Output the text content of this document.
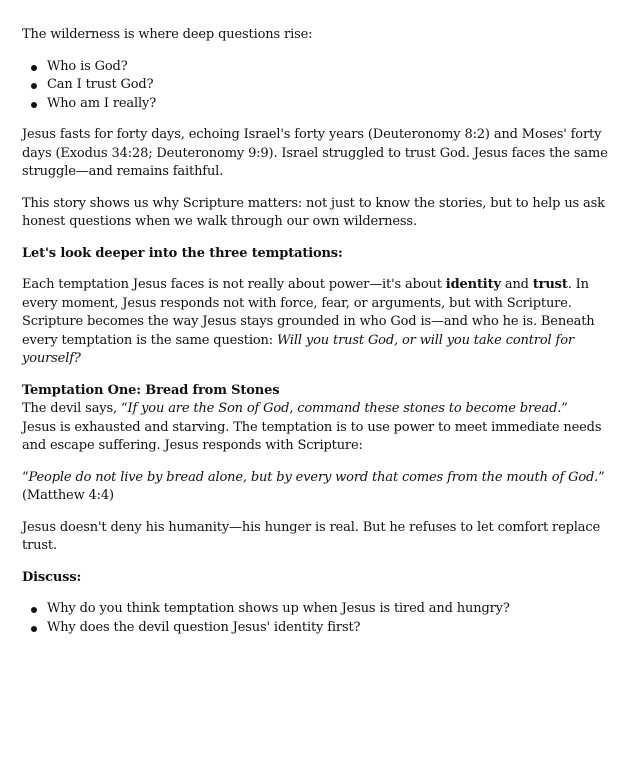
The wilderness is where deep questions rise:

Who is God?
Can I trust God?
Who am I really?

Jesus fasts for forty days, echoing Israel's forty years (Deuteronomy 8:2) and Moses' forty days (Exodus 34:28; Deuteronomy 9:9). Israel struggled to trust God. Jesus faces the same struggle—and remains faithful.

This story shows us why Scripture matters: not just to know the stories, but to help us ask honest questions when we walk through our own wilderness.

Let's look deeper into the three temptations:

Each temptation Jesus faces is not really about power—it's about identity and trust. In every moment, Jesus responds not with force, fear, or arguments, but with Scripture. Scripture becomes the way Jesus stays grounded in who God is—and who he is. Beneath every temptation is the same question: Will you trust God, or will you take control for yourself?

Temptation One: Bread from Stones

The devil says, “If you are the Son of God, command these stones to become bread.”

Jesus is exhausted and starving. The temptation is to use power to meet immediate needs and escape suffering. Jesus responds with Scripture:

“People do not live by bread alone, but by every word that comes from the mouth of God.” (Matthew 4:4)

Jesus doesn't deny his humanity—his hunger is real. But he refuses to let comfort replace trust.

Discuss:

Why do you think temptation shows up when Jesus is tired and hungry?
Why does the devil question Jesus' identity first?
